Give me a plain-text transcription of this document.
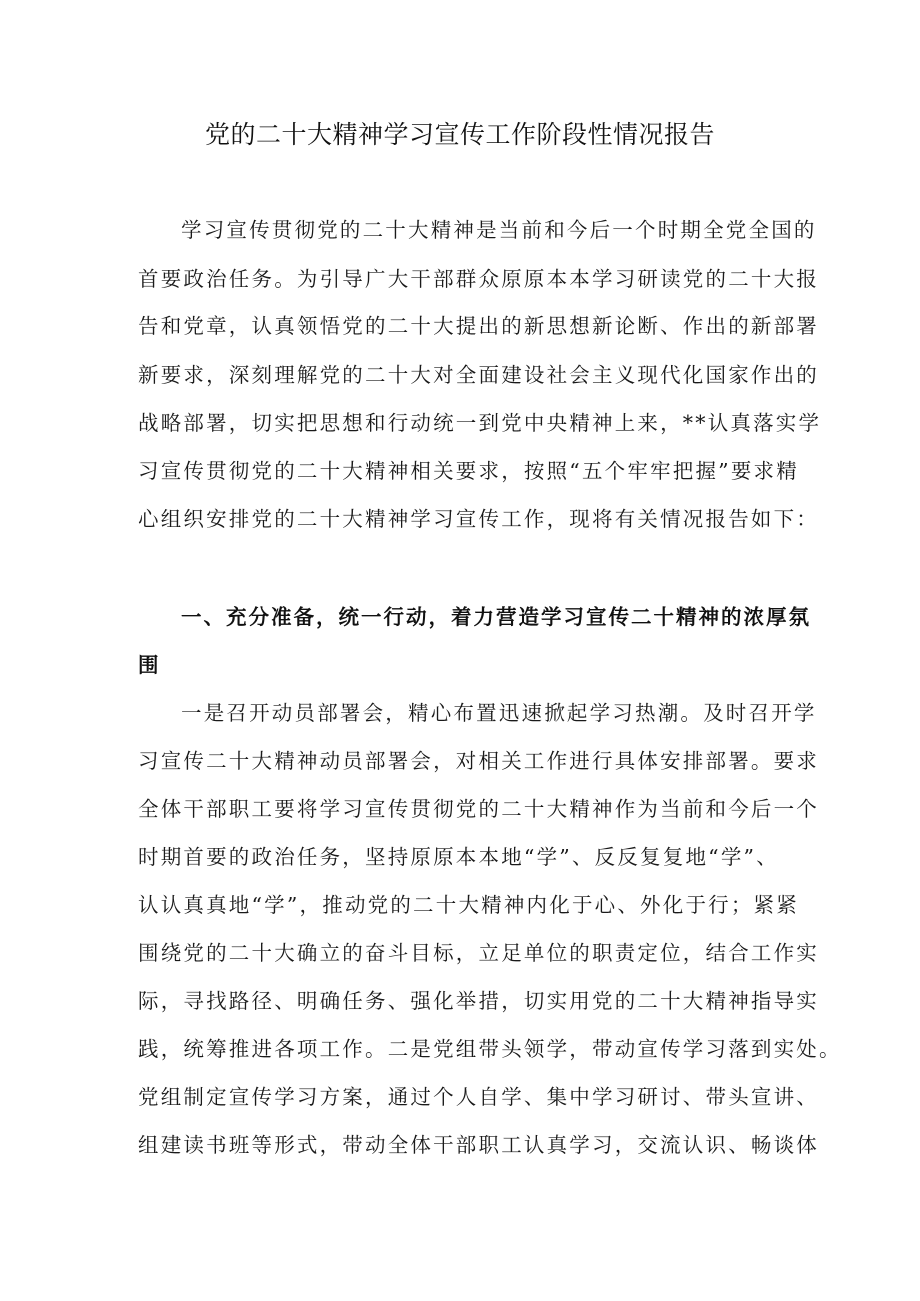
党的二十大精神学习宣传工作阶段性情况报告
学习宣传贯彻党的二十大精神是当前和今后一个时期全党全国的
首要政治任务。为引导广大干部群众原原本本学习研读党的二十大报
告和党章，认真领悟党的二十大提出的新思想新论断、作出的新部署
新要求，深刻理解党的二十大对全面建设社会主义现代化国家作出的
战略部署，切实把思想和行动统一到党中央精神上来，**认真落实学
习宣传贯彻党的二十大精神相关要求，按照“五个牢牢把握”要求精
心组织安排党的二十大精神学习宣传工作，现将有关情况报告如下：
一、充分准备，统一行动，着力营造学习宣传二十精神的浓厚氛
围
一是召开动员部署会，精心布置迅速掀起学习热潮。及时召开学
习宣传二十大精神动员部署会，对相关工作进行具体安排部署。要求
全体干部职工要将学习宣传贯彻党的二十大精神作为当前和今后一个
时期首要的政治任务，坚持原原本本地“学”、反反复复地“学”、
认认真真地“学”，推动党的二十大精神内化于心、外化于行；紧紧
围绕党的二十大确立的奋斗目标，立足单位的职责定位，结合工作实
际，寻找路径、明确任务、强化举措，切实用党的二十大精神指导实
践，统筹推进各项工作。二是党组带头领学，带动宣传学习落到实处。
党组制定宣传学习方案，通过个人自学、集中学习研讨、带头宣讲、
组建读书班等形式，带动全体干部职工认真学习，交流认识、畅谈体
